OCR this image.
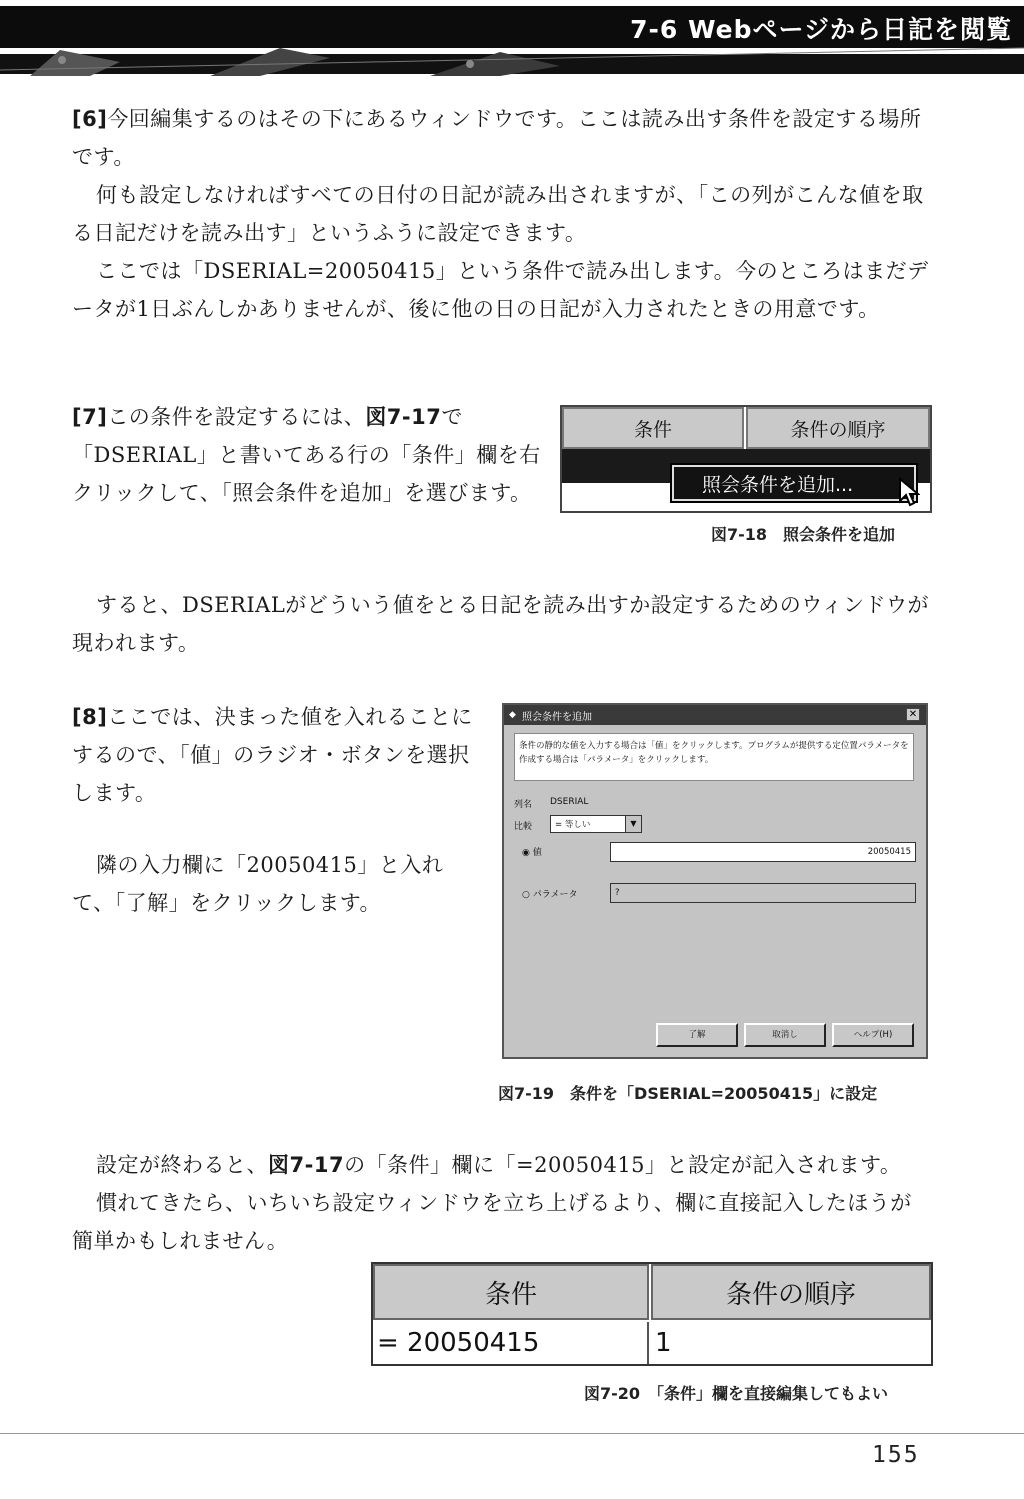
7-6 Webページから日記を閲覧

[6]今回編集するのはその下にあるウィンドウです。ここは読み出す条件を設定する場所です。

何も設定しなければすべての日付の日記が読み出されますが、「この列がこんな値を取る日記だけを読み出す」というふうに設定できます。

ここでは「DSERIAL=20050415」という条件で読み出します。今のところはまだデータが1日ぶんしかありませんが、後に他の日の日記が入力されたときの用意です。

[7]この条件を設定するには、図7-17で「DSERIAL」と書いてある行の「条件」欄を右クリックして、「照会条件を追加」を選びます。

条件	条件の順序
照会条件を追加...
図7-18　照会条件を追加

すると、DSERIALがどういう値をとる日記を読み出すか設定するためのウィンドウが現われます。

[8]ここでは、決まった値を入れることにするので、「値」のラジオ・ボタンを選択します。

隣の入力欄に「20050415」と入れて、「了解」をクリックします。

◆ 照会条件を追加	✕
条件の静的な値を入力する場合は「値」をクリックします。プログラムが提供する定位置パラメータを作成する場合は「パラメータ」をクリックします。
列名 DSERIAL
比較	= 等しい	▼
◉ 値	20050415
○ パラメータ	?
了解	取消し	ヘルプ(H)
図7-19　条件を「DSERIAL=20050415」に設定

設定が終わると、図7-17の「条件」欄に「=20050415」と設定が記入されます。

慣れてきたら、いちいち設定ウィンドウを立ち上げるより、欄に直接記入したほうが簡単かもしれません。

条件	条件の順序
= 20050415	1
図7-20　「条件」欄を直接編集してもよい
155
